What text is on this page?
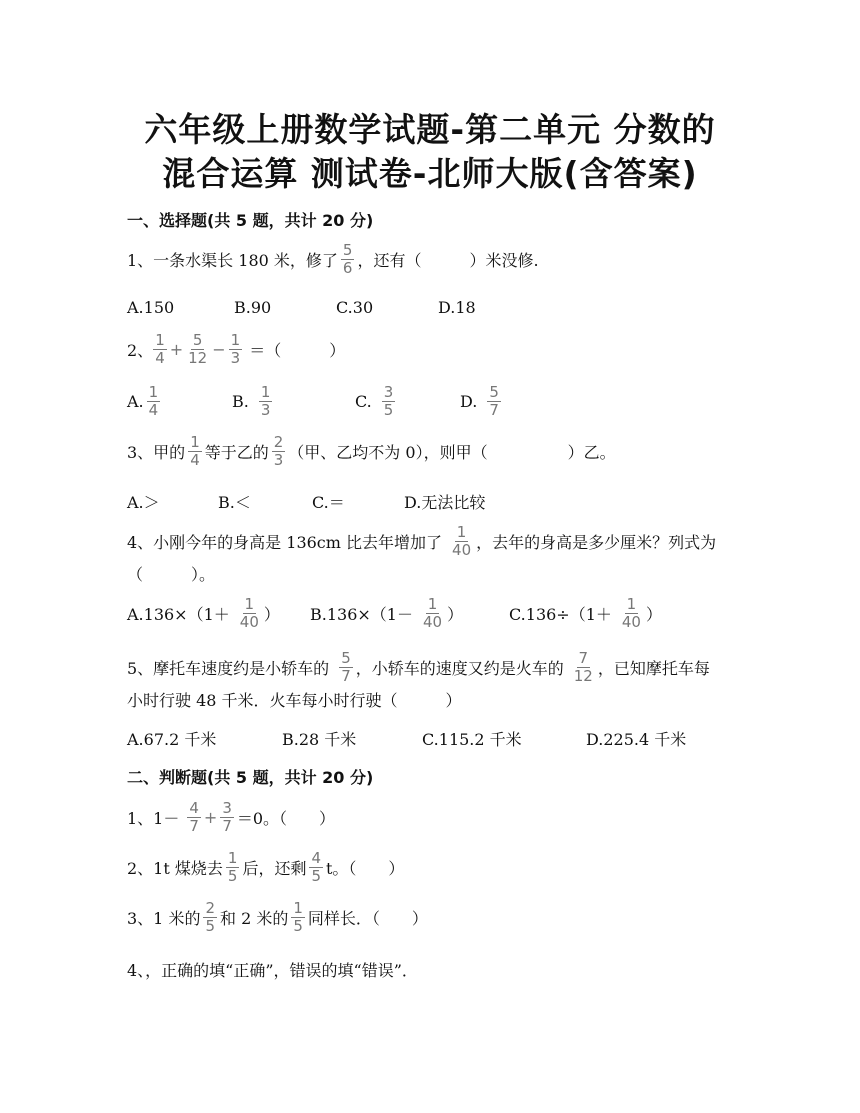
六年级上册数学试题-第二单元 分数的
混合运算 测试卷-北师大版(含答案)
一、选择题(共 5 题，共计 20 分)
1、一条水渠长 180 米，修了 $\frac{5}{6}$ ，还有（　　　）米没修.
A.150	B.90	C.30	D.18
2、 $\frac{1}{4} + \frac{5}{12} - \frac{1}{3}$ ＝（　　　）
A. $\frac{1}{4}$	B. $\frac{1}{3}$	C. $\frac{3}{5}$	D. $\frac{5}{7}$
3、甲的 $\frac{1}{4}$ 等于乙的 $\frac{2}{3}$ （甲、乙均不为 0），则甲（　　　　　）乙。
A.＞	B.＜	C.＝	D.无法比较
4、小刚今年的身高是 136cm 比去年增加了 $\frac{1}{40}$ ，去年的身高是多少厘米？列式为
（　　　）。
$A.136\times(1+ \frac{1}{40}$ ） $B.136\times(1- \frac{1}{40}$ ）	$C.136\div(1+ \frac{1}{40}$ ）
5、摩托车速度约是小轿车的 $\frac{5}{7}$ ，小轿车的速度又约是火车的 $\frac{7}{12}$ ，已知摩托车每
小时行驶 48 千米．火车每小时行驶（　　　）
A.67.2 千米	B.28 千米	C.115.2 千米	D.225.4 千米
二、判断题(共 5 题，共计 20 分)
1、$1- \frac{4}{7} + \frac{3}{7} =0$。（　　）
2、1t 煤烧去 $\frac{1}{5}$ 后，还剩 $\frac{4}{5}$ t。（　　）
3、1 米的 $\frac{2}{5}$ 和 2 米的 $\frac{1}{5}$ 同样长．（　　）
4、，正确的填“正确”，错误的填“错误”．
